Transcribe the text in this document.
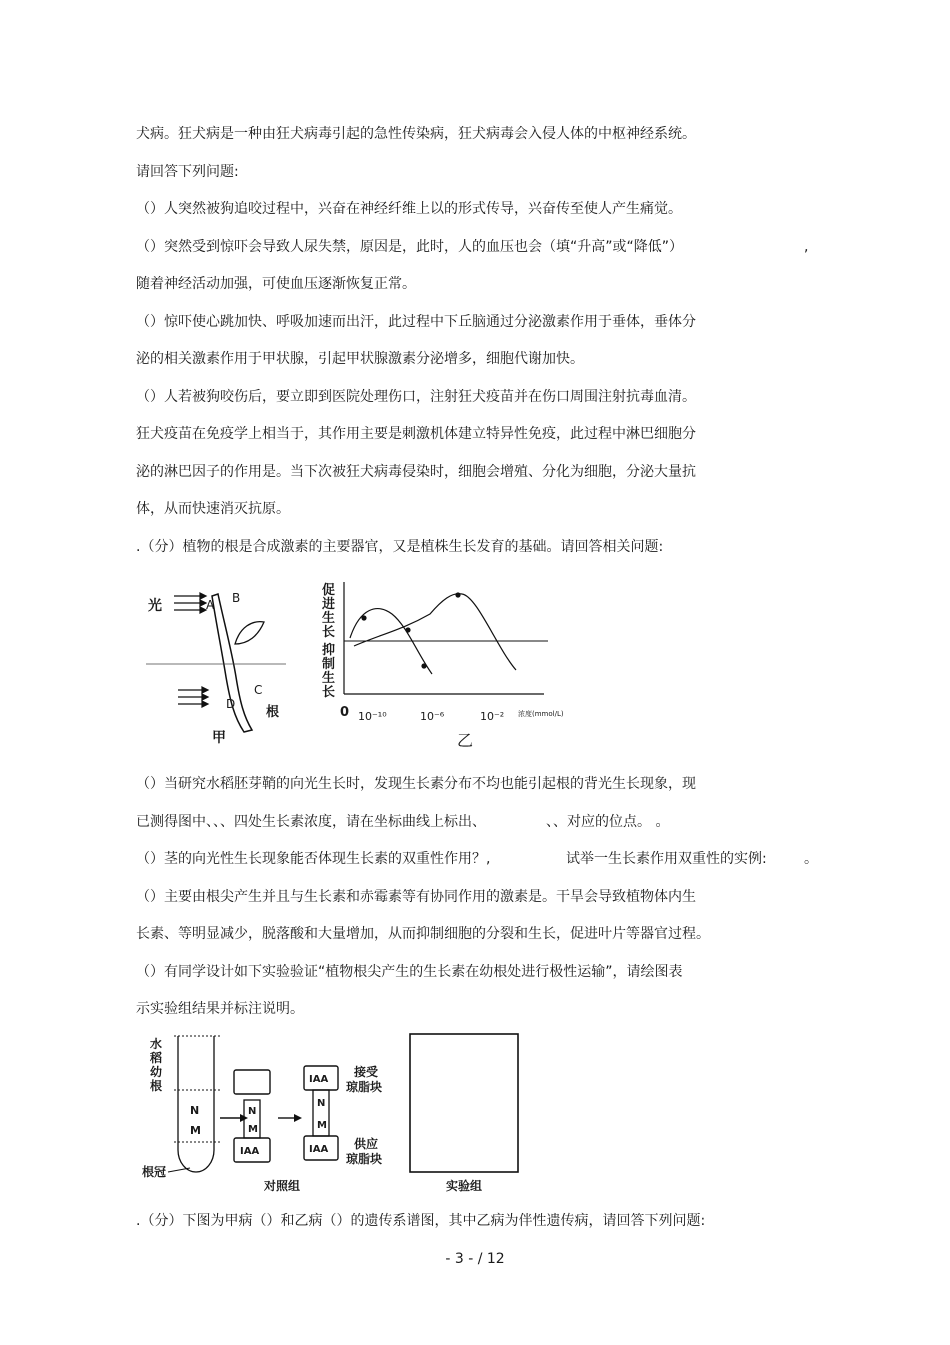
犬病。狂犬病是一种由狂犬病毒引起的急性传染病，狂犬病毒会入侵人体的中枢神经系统。
请回答下列问题:
（）人突然被狗追咬过程中，兴奋在神经纤维上以的形式传导，兴奋传至使人产生痛觉。
（）突然受到惊吓会导致人尿失禁，原因是，此时，人的血压也会（填“升高”或“降低”）	,
随着神经活动加强，可使血压逐渐恢复正常。
（）惊吓使心跳加快、呼吸加速而出汗，此过程中下丘脑通过分泌激素作用于垂体，垂体分
泌的相关激素作用于甲状腺，引起甲状腺激素分泌增多，细胞代谢加快。
（）人若被狗咬伤后，要立即到医院处理伤口，注射狂犬疫苗并在伤口周围注射抗毒血清。
狂犬疫苗在免疫学上相当于，其作用主要是刺激机体建立特异性免疫，此过程中淋巴细胞分
泌的淋巴因子的作用是。当下次被狂犬病毒侵染时，细胞会增殖、分化为细胞，分泌大量抗
体，从而快速消灭抗原。
.（分）植物的根是合成激素的主要器官，又是植株生长发育的基础。请回答相关问题:
光	A B
C
D
根
甲
促
进
生
长
抑
制
生
长
0 10⁻¹⁰	10⁻⁶	10⁻² 浓度(mmol/L)
乙
（）当研究水稻胚芽鞘的向光生长时，发现生长素分布不均也能引起根的背光生长现象，现
已测得图中、、、四处生长素浓度，请在坐标曲线上标出、	、、对应的位点。 。
（）茎的向光性生长现象能否体现生长素的双重性作用？,	试举一生长素作用双重性的实例:	。
（）主要由根尖产生并且与生长素和赤霉素等有协同作用的激素是。干旱会导致植物体内生
长素、等明显减少，脱落酸和大量增加，从而抑制细胞的分裂和生长，促进叶片等器官过程。
（）有同学设计如下实验验证“植物根尖产生的生长素在幼根处进行极性运输”，请绘图表
示实验组结果并标注说明。
水
稻
幼
根
N
M
根冠
N
M
IAA
IAA
N
M
IAA
接受
琼脂块
供应
琼脂块
对照组	实验组
.（分）下图为甲病（）和乙病（）的遗传系谱图，其中乙病为伴性遗传病，请回答下列问题:
- 3 - / 12
